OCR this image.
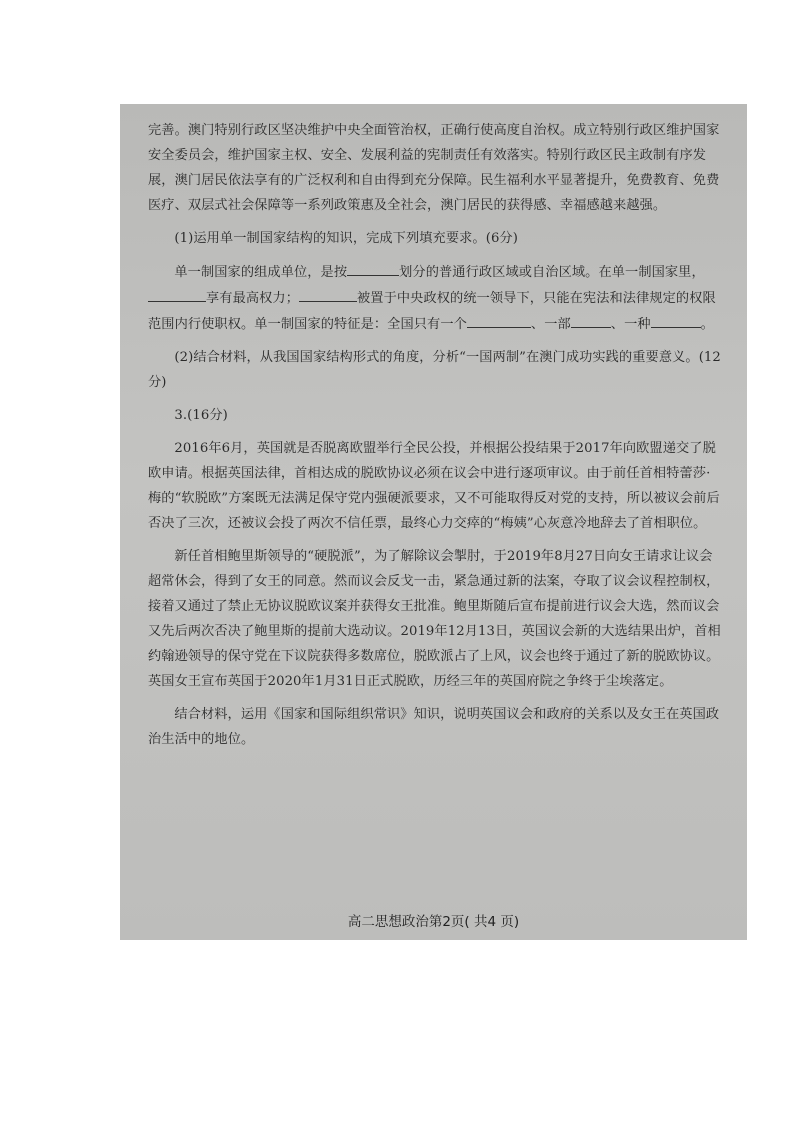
完善。澳门特别行政区坚决维护中央全面管治权，正确行使高度自治权。成立特别行政区维护国家安全委员会，维护国家主权、安全、发展利益的宪制责任有效落实。特别行政区民主政制有序发展，澳门居民依法享有的广泛权利和自由得到充分保障。民生福利水平显著提升，免费教育、免费医疗、双层式社会保障等一系列政策惠及全社会，澳门居民的获得感、幸福感越来越强。

(1)运用单一制国家结构的知识，完成下列填充要求。(6分)

单一制国家的组成单位，是按	划分的普通行政区域或自治区域。在单一制国家里，享有最高权力；	被置于中央政权的统一领导下，只能在宪法和法律规定的权限范围内行使职权。单一制国家的特征是：全国只有一个	、一部	、一种	。

(2)结合材料，从我国国家结构形式的角度，分析“一国两制”在澳门成功实践的重要意义。(12分)

3.(16分)

2016年6月，英国就是否脱离欧盟举行全民公投，并根据公投结果于2017年向欧盟递交了脱欧申请。根据英国法律，首相达成的脱欧协议必须在议会中进行逐项审议。由于前任首相特蕾莎·梅的“软脱欧”方案既无法满足保守党内强硬派要求，又不可能取得反对党的支持，所以被议会前后否决了三次，还被议会投了两次不信任票，最终心力交瘁的“梅姨”心灰意冷地辞去了首相职位。

新任首相鲍里斯领导的“硬脱派”，为了解除议会掣肘，于2019年8月27日向女王请求让议会超常休会，得到了女王的同意。然而议会反戈一击，紧急通过新的法案，夺取了议会议程控制权，接着又通过了禁止无协议脱欧议案并获得女王批准。鲍里斯随后宣布提前进行议会大选，然而议会又先后两次否决了鲍里斯的提前大选动议。2019年12月13日，英国议会新的大选结果出炉，首相约翰逊领导的保守党在下议院获得多数席位，脱欧派占了上风，议会也终于通过了新的脱欧协议。英国女王宣布英国于2020年1月31日正式脱欧，历经三年的英国府院之争终于尘埃落定。

结合材料，运用《国家和国际组织常识》知识，说明英国议会和政府的关系以及女王在英国政治生活中的地位。

高二思想政治第2页( 共4 页)
